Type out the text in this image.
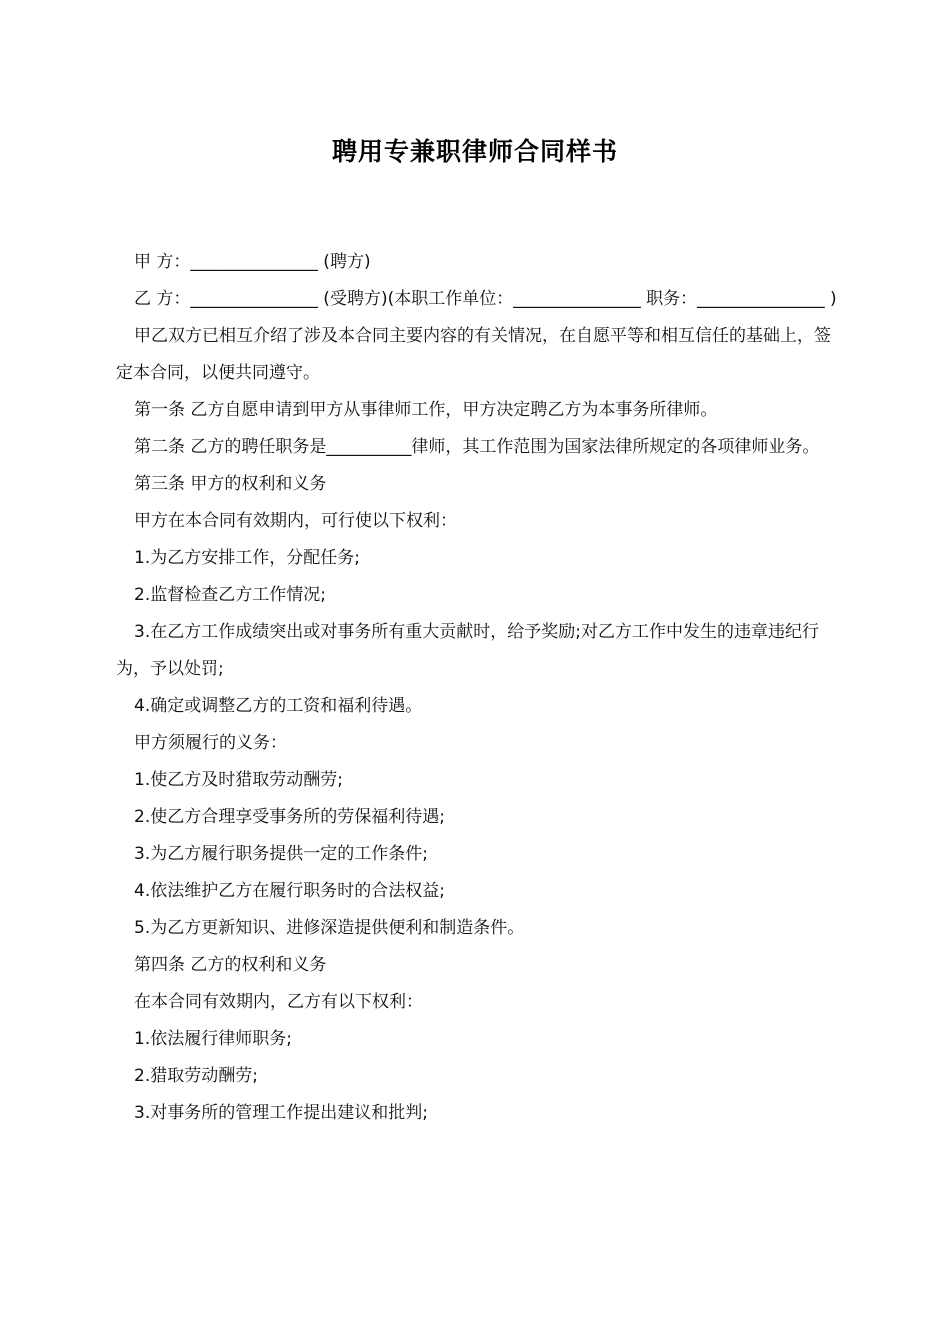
聘用专兼职律师合同样书

甲 方：_______________ (聘方)

乙 方：_______________ (受聘方)(本职工作单位：_______________ 职务：_______________ )

甲乙双方已相互介绍了涉及本合同主要内容的有关情况，在自愿平等和相互信任的基础上，签定本合同，以便共同遵守。

第一条 乙方自愿申请到甲方从事律师工作，甲方决定聘乙方为本事务所律师。

第二条 乙方的聘任职务是__________律师，其工作范围为国家法律所规定的各项律师业务。

第三条 甲方的权利和义务

甲方在本合同有效期内，可行使以下权利：

1.为乙方安排工作，分配任务;

2.监督检查乙方工作情况;

3.在乙方工作成绩突出或对事务所有重大贡献时，给予奖励;对乙方工作中发生的违章违纪行为，予以处罚;

4.确定或调整乙方的工资和福利待遇。

甲方须履行的义务：

1.使乙方及时猎取劳动酬劳;

2.使乙方合理享受事务所的劳保福利待遇;

3.为乙方履行职务提供一定的工作条件;

4.依法维护乙方在履行职务时的合法权益;

5.为乙方更新知识、进修深造提供便利和制造条件。

第四条 乙方的权利和义务

在本合同有效期内，乙方有以下权利：

1.依法履行律师职务;

2.猎取劳动酬劳;

3.对事务所的管理工作提出建议和批判;
